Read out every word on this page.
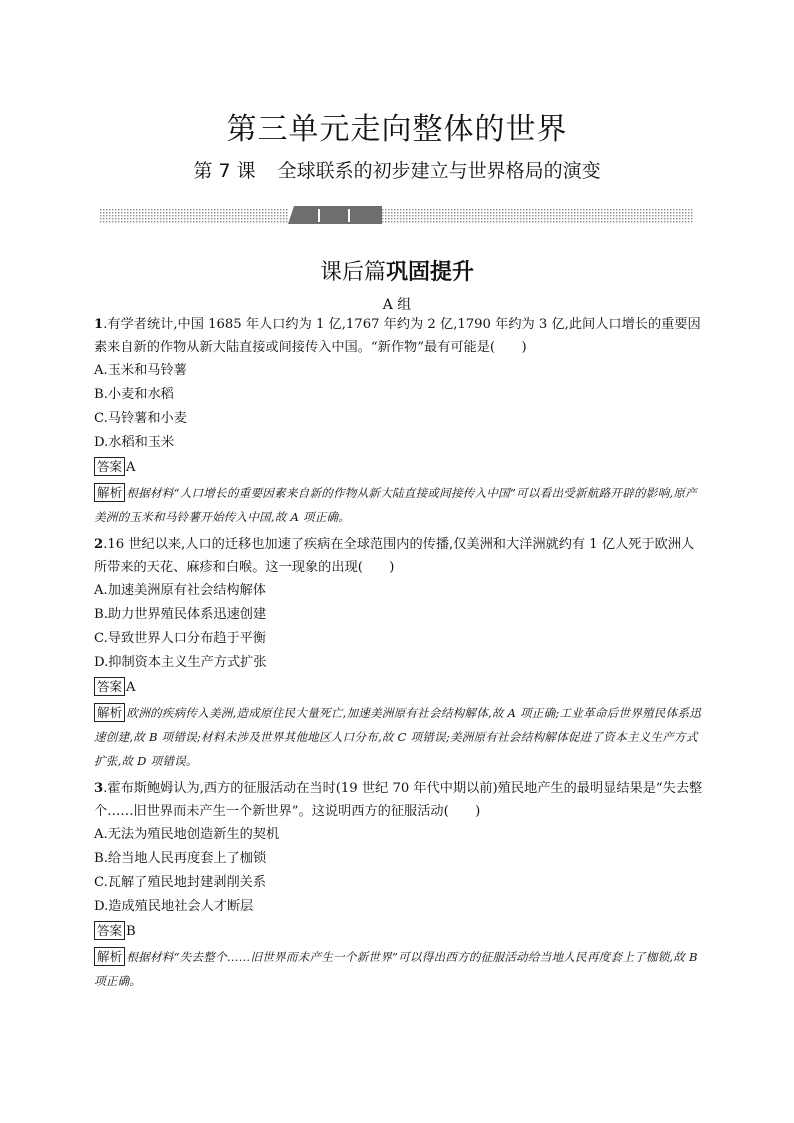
第三单元走向整体的世界
第 7 课 全球联系的初步建立与世界格局的演变
课后篇巩固提升
A 组

1.有学者统计,中国 1685 年人口约为 1 亿,1767 年约为 2 亿,1790 年约为 3 亿,此间人口增长的重要因素来自新的作物从新大陆直接或间接传入中国。“新作物”最有可能是(　　)

A.玉米和马铃薯

B.小麦和水稻

C.马铃薯和小麦

D.水稻和玉米

答案 A

解析 根据材料“人口增长的重要因素来自新的作物从新大陆直接或间接传入中国”可以看出受新航路开辟的影响,原产美洲的玉米和马铃薯开始传入中国,故 A 项正确。

2.16 世纪以来,人口的迁移也加速了疾病在全球范围内的传播,仅美洲和大洋洲就约有 1 亿人死于欧洲人所带来的天花、麻疹和白喉。这一现象的出现(　　)

A.加速美洲原有社会结构解体

B.助力世界殖民体系迅速创建

C.导致世界人口分布趋于平衡

D.抑制资本主义生产方式扩张

答案 A

解析 欧洲的疾病传入美洲,造成原住民大量死亡,加速美洲原有社会结构解体,故 A 项正确;工业革命后世界殖民体系迅速创建,故 B 项错误;材料未涉及世界其他地区人口分布,故 C 项错误;美洲原有社会结构解体促进了资本主义生产方式扩张,故 D 项错误。

3.霍布斯鲍姆认为,西方的征服活动在当时(19 世纪 70 年代中期以前)殖民地产生的最明显结果是“失去整个……旧世界而未产生一个新世界”。这说明西方的征服活动(　　)

A.无法为殖民地创造新生的契机

B.给当地人民再度套上了枷锁

C.瓦解了殖民地封建剥削关系

D.造成殖民地社会人才断层

答案 B

解析 根据材料“失去整个……旧世界而未产生一个新世界”可以得出西方的征服活动给当地人民再度套上了枷锁,故 B 项正确。
